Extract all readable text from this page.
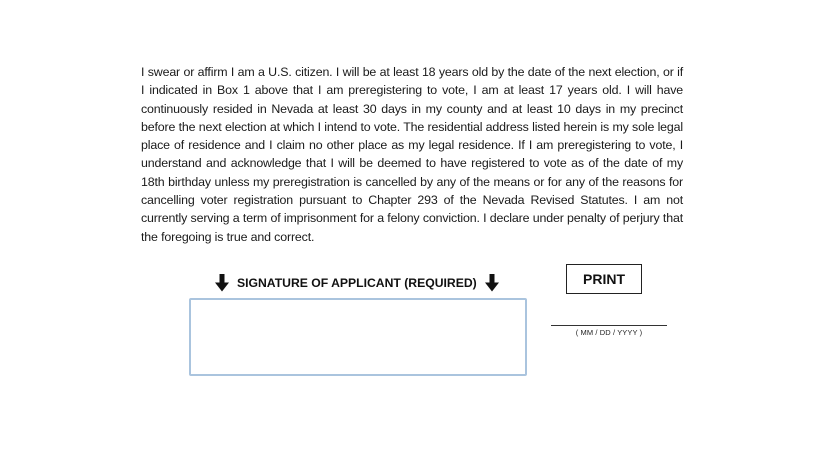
I swear or affirm I am a U.S. citizen. I will be at least 18 years old by the date of the next election, or if I indicated in Box 1 above that I am preregistering to vote, I am at least 17 years old. I will have continuously resided in Nevada at least 30 days in my county and at least 10 days in my precinct before the next election at which I intend to vote. The residential address listed herein is my sole legal place of residence and I claim no other place as my legal residence. If I am preregistering to vote, I understand and acknowledge that I will be deemed to have registered to vote as of the date of my 18th birthday unless my preregistration is cancelled by any of the means or for any of the reasons for cancelling voter registration pursuant to Chapter 293 of the Nevada Revised Statutes. I am not currently serving a term of imprisonment for a felony conviction. I declare under penalty of perjury that the foregoing is true and correct.

SIGNATURE OF APPLICANT (REQUIRED)	PRINT
( MM / DD / YYYY )
